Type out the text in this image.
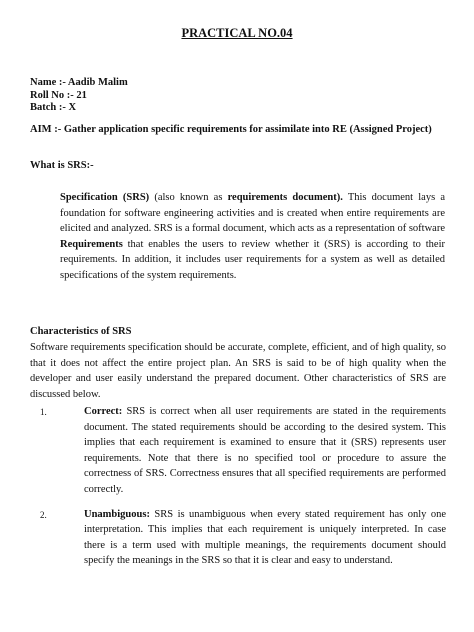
PRACTICAL NO.04
Name :- Aadib Malim
Roll No :- 21
Batch :- X
AIM :- Gather application specific requirements for assimilate into RE (Assigned Project)
What is SRS:-
Specification (SRS) (also known as requirements document). This document lays a foundation for software engineering activities and is created when entire requirements are elicited and analyzed. SRS is a formal document, which acts as a representation of software Requirements that enables the users to review whether it (SRS) is according to their requirements. In addition, it includes user requirements for a system as well as detailed specifications of the system requirements.
Characteristics of SRS
Software requirements specification should be accurate, complete, efficient, and of high quality, so that it does not affect the entire project plan. An SRS is said to be of high quality when the developer and user easily understand the prepared document. Other characteristics of SRS are discussed below.
1.	Correct: SRS is correct when all user requirements are stated in the requirements document. The stated requirements should be according to the desired system. This implies that each requirement is examined to ensure that it (SRS) represents user requirements. Note that there is no specified tool or procedure to assure the correctness of SRS. Correctness ensures that all specified requirements are performed correctly.
2.	Unambiguous: SRS is unambiguous when every stated requirement has only one interpretation. This implies that each requirement is uniquely interpreted. In case there is a term used with multiple meanings, the requirements document should specify the meanings in the SRS so that it is clear and easy to understand.
